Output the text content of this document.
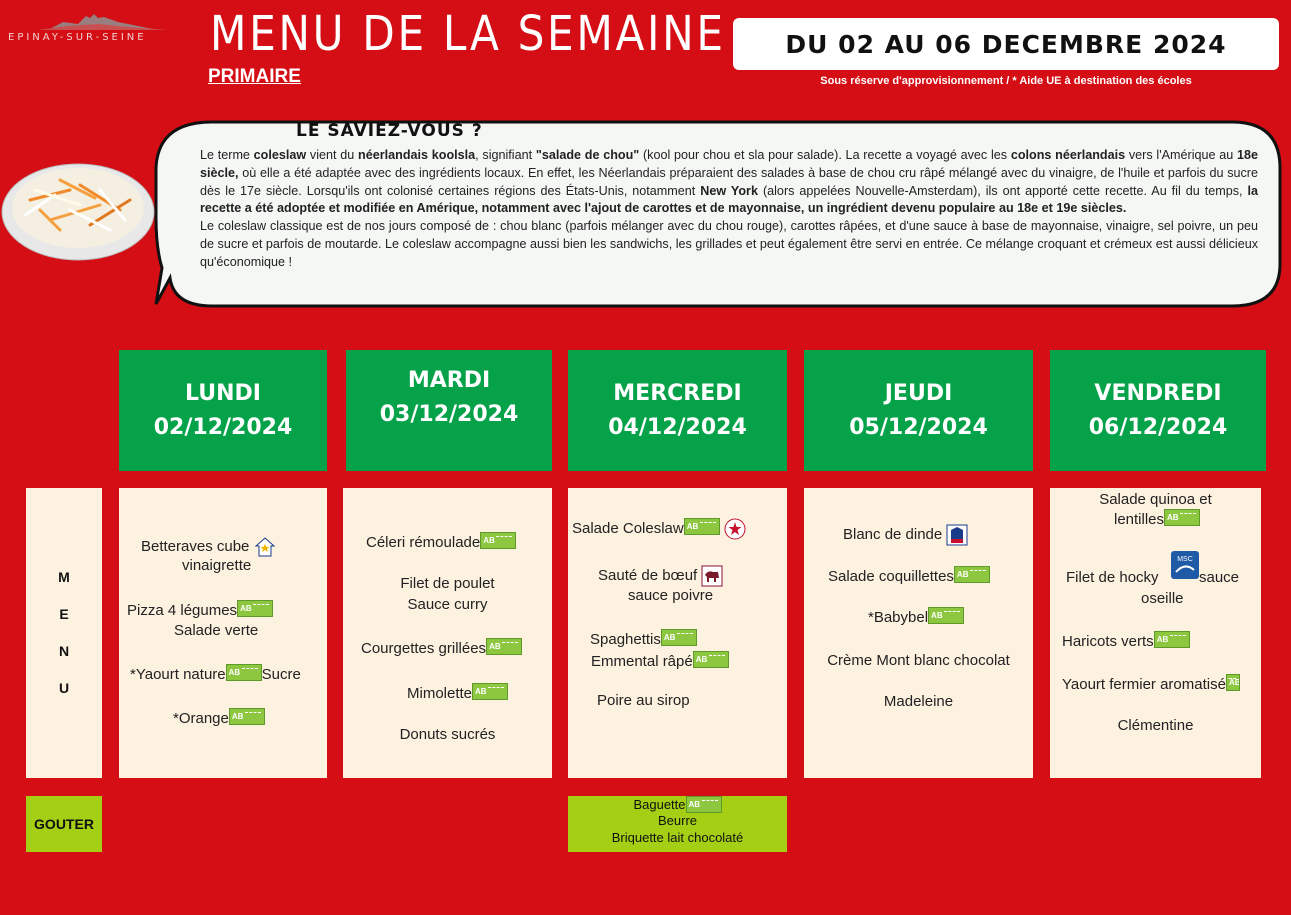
EPINAY-SUR-SEINE	MENU DE LA SEMAINE
PRIMAIRE
DU 02 AU 06 DECEMBRE 2024
Sous réserve d'approvisionnement / * Aide UE à destination des écoles
LE SAVIEZ-VOUS ?

Le terme coleslaw vient du néerlandais koolsla, signifiant "salade de chou" (kool pour chou et sla pour salade). La recette a voyagé avec les colons néerlandais vers l'Amérique au 18e siècle, où elle a été adaptée avec des ingrédients locaux. En effet, les Néerlandais préparaient des salades à base de chou cru râpé mélangé avec du vinaigre, de l'huile et parfois du sucre dès le 17e siècle. Lorsqu'ils ont colonisé certaines régions des États-Unis, notamment New York (alors appelées Nouvelle-Amsterdam), ils ont apporté cette recette. Au fil du temps, la recette a été adoptée et modifiée en Amérique, notamment avec l'ajout de carottes et de mayonnaise, un ingrédient devenu populaire au 18e et 19e siècles.

Le coleslaw classique est de nos jours composé de : chou blanc (parfois mélanger avec du chou rouge), carottes râpées, et d'une sauce à base de mayonnaise, vinaigre, sel poivre, un peu de sucre et parfois de moutarde. Le coleslaw accompagne aussi bien les sandwichs, les grillades et peut également être servi en entrée. Ce mélange croquant et crémeux est aussi délicieux qu'économique !

LUNDI
02/12/2024
MARDI
03/12/2024
MERCREDI
04/12/2024
JEUDI
05/12/2024
VENDREDI
06/12/2024
M
E
N
U
Betteraves cube
vinaigrette
Pizza 4 légumesAB
Salade verte
*Yaourt natureAB Sucre
*OrangeAB
Céleri rémouladeAB
Filet de poulet
Sauce curry
Courgettes grilléesAB
MimoletteAB
Donuts sucrés
Salade ColeslawAB
Sauté de bœuf
sauce poivre
SpaghettisAB
Emmental râpéAB
Poire au sirop
Blanc de dinde
Salade coquillettesAB
*BabybelAB
Crème Mont blanc chocolat
Madeleine
Salade quinoa et
lentillesAB
Filet de hocky
MSC
sauce
oseille
Haricots vertsAB
Yaourt fermier aromatiséAB
Clémentine
GOUTER
BaguetteAB
Beurre
Briquette lait chocolaté
